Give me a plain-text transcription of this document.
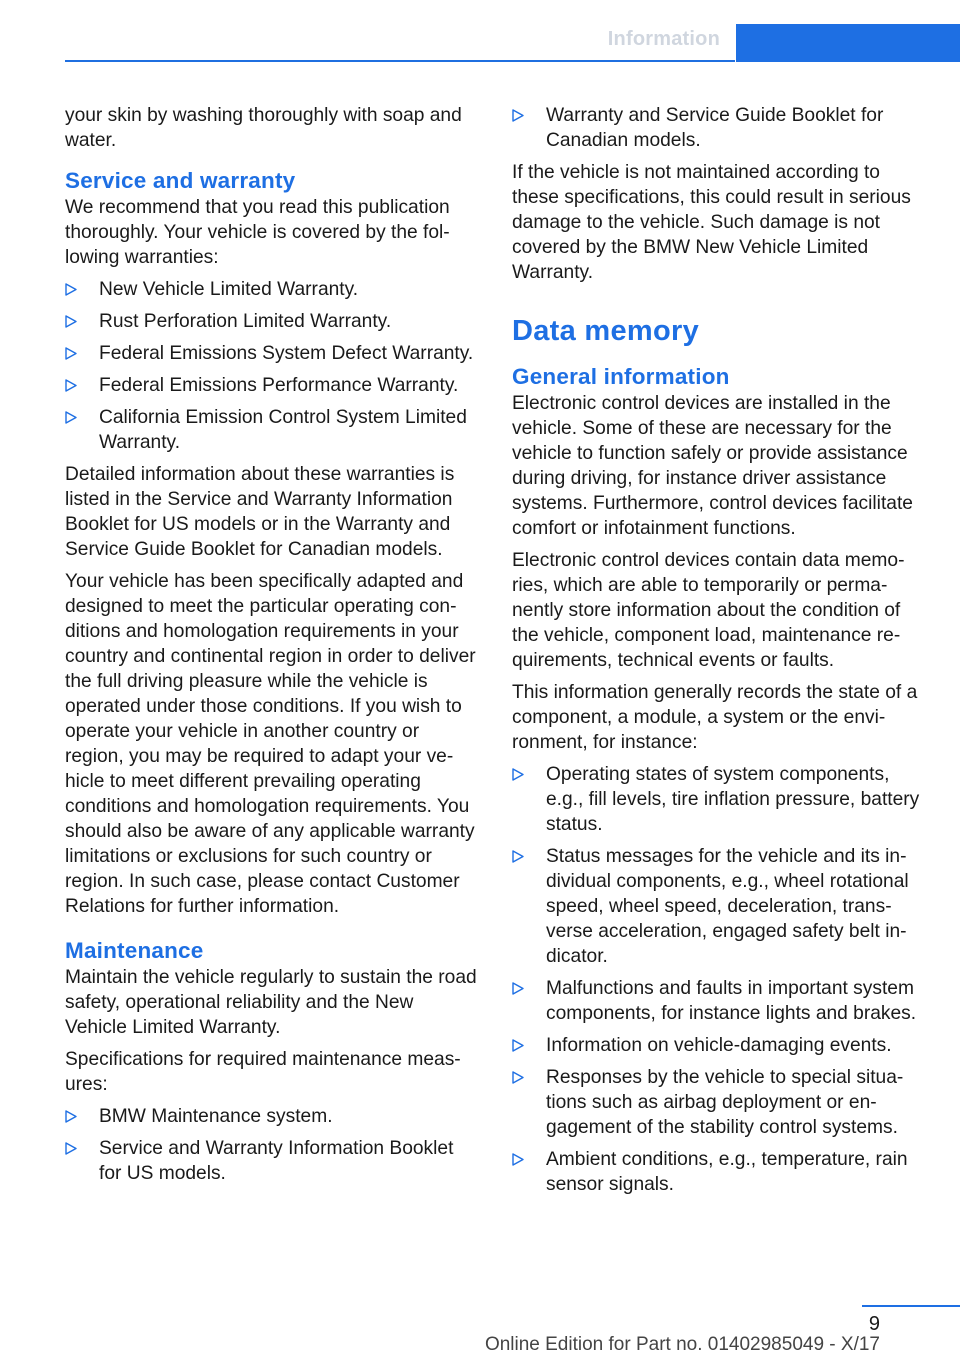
Information

your skin by washing thoroughly with soap and water.

Service and warranty

We recommend that you read this publication thoroughly. Your vehicle is covered by the following warranties:

New Vehicle Limited Warranty.
Rust Perforation Limited Warranty.
Federal Emissions System Defect Warranty.
Federal Emissions Performance Warranty.
California Emission Control System Limited Warranty.

Detailed information about these warranties is listed in the Service and Warranty Information Booklet for US models or in the Warranty and Service Guide Booklet for Canadian models.

Your vehicle has been specifically adapted and designed to meet the particular operating conditions and homologation requirements in your country and continental region in order to deliver the full driving pleasure while the vehicle is operated under those conditions. If you wish to operate your vehicle in another country or region, you may be required to adapt your vehicle to meet different prevailing operating conditions and homologation requirements. You should also be aware of any applicable warranty limitations or exclusions for such country or region. In such case, please contact Customer Relations for further information.

Maintenance

Maintain the vehicle regularly to sustain the road safety, operational reliability and the New Vehicle Limited Warranty.

Specifications for required maintenance measures:

BMW Maintenance system.
Service and Warranty Information Booklet for US models.
Warranty and Service Guide Booklet for Canadian models.

If the vehicle is not maintained according to these specifications, this could result in serious damage to the vehicle. Such damage is not covered by the BMW New Vehicle Limited Warranty.

Data memory
General information

Electronic control devices are installed in the vehicle. Some of these are necessary for the vehicle to function safely or provide assistance during driving, for instance driver assistance systems. Furthermore, control devices facilitate comfort or infotainment functions.

Electronic control devices contain data memories, which are able to temporarily or permanently store information about the condition of the vehicle, component load, maintenance requirements, technical events or faults.

This information generally records the state of a component, a module, a system or the environment, for instance:

Operating states of system components, e.g., fill levels, tire inflation pressure, battery status.
Status messages for the vehicle and its individual components, e.g., wheel rotational speed, wheel speed, deceleration, transverse acceleration, engaged safety belt indicator.
Malfunctions and faults in important system components, for instance lights and brakes.
Information on vehicle-damaging events.
Responses by the vehicle to special situations such as airbag deployment or engagement of the stability control systems.
Ambient conditions, e.g., temperature, rain sensor signals.
9
Online Edition for Part no. 01402985049 - X/17
